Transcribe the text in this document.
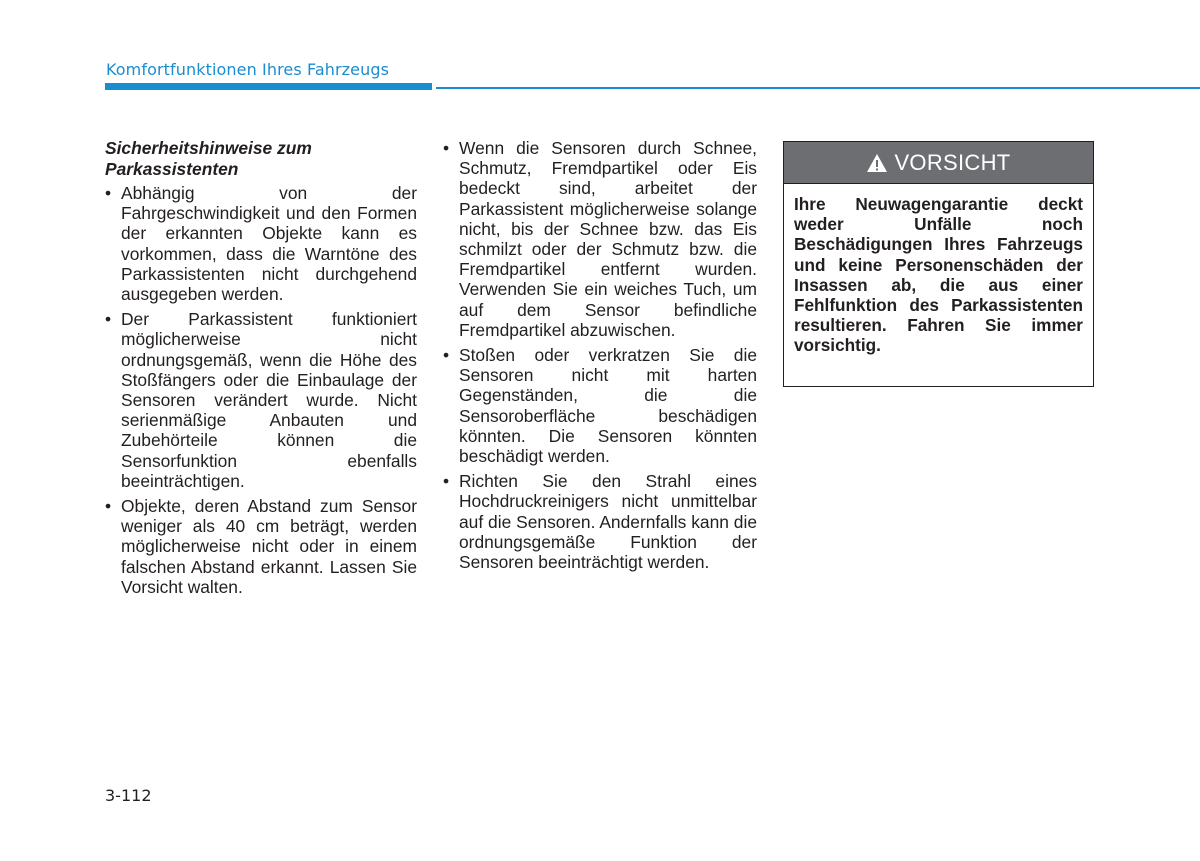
Komfortfunktionen Ihres Fahrzeugs
Sicherheitshinweise zum Parkassistenten
• Abhängig von der Fahrgeschwindigkeit und den Formen der erkannten Objekte kann es vorkommen, dass die Warntöne des Parkassistenten nicht durchgehend ausgegeben werden.
• Der Parkassistent funktioniert möglicherweise nicht ordnungsgemäß, wenn die Höhe des Stoßfängers oder die Einbaulage der Sensoren verändert wurde. Nicht serienmäßige Anbauten und Zubehörteile können die Sensorfunktion ebenfalls beeinträchtigen.
• Objekte, deren Abstand zum Sensor weniger als 40 cm beträgt, werden möglicherweise nicht oder in einem falschen Abstand erkannt. Lassen Sie Vorsicht walten.
• Wenn die Sensoren durch Schnee, Schmutz, Fremdpartikel oder Eis bedeckt sind, arbeitet der Parkassistent möglicherweise solange nicht, bis der Schnee bzw. das Eis schmilzt oder der Schmutz bzw. die Fremdpartikel entfernt wurden. Verwenden Sie ein weiches Tuch, um auf dem Sensor befindliche Fremdpartikel abzuwischen.
• Stoßen oder verkratzen Sie die Sensoren nicht mit harten Gegenständen, die die Sensoroberfläche beschädigen könnten. Die Sensoren könnten beschädigt werden.
• Richten Sie den Strahl eines Hochdruckreinigers nicht unmittelbar auf die Sensoren. Andernfalls kann die ordnungsgemäße Funktion der Sensoren beeinträchtigt werden.
VORSICHT
Ihre Neuwagengarantie deckt weder Unfälle noch Beschädigungen Ihres Fahrzeugs und keine Personenschäden der Insassen ab, die aus einer Fehlfunktion des Parkassistenten resultieren. Fahren Sie immer vorsichtig.
3-112
